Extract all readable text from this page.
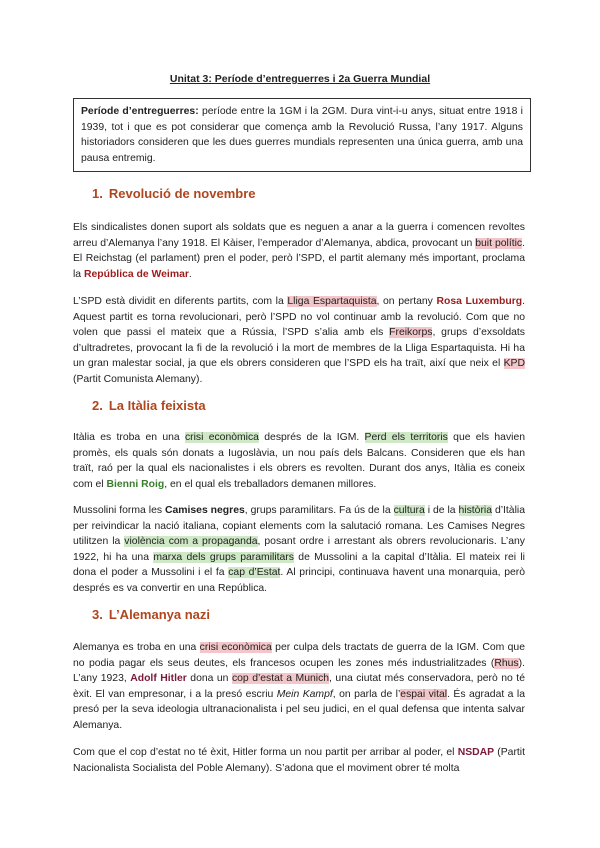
Unitat 3: Període d’entreguerres i 2a Guerra Mundial
Període d’entreguerres: període entre la 1GM i la 2GM. Dura vint-i-u anys, situat entre 1918 i 1939, tot i que es pot considerar que comença amb la Revolució Russa, l’any 1917. Alguns historiadors consideren que les dues guerres mundials representen una única guerra, amb una pausa entremig.
1. Revolució de novembre

Els sindicalistes donen suport als soldats que es neguen a anar a la guerra i comencen revoltes arreu d’Alemanya l’any 1918. El Kàiser, l’emperador d’Alemanya, abdica, provocant un buit polític. El Reichstag (el parlament) pren el poder, però l’SPD, el partit alemany més important, proclama la República de Weimar.

L’SPD està dividit en diferents partits, com la Lliga Espartaquista, on pertany Rosa Luxemburg. Aquest partit es torna revolucionari, però l’SPD no vol continuar amb la revolució. Com que no volen que passi el mateix que a Rússia, l’SPD s’alia amb els Freikorps, grups d’exsoldats d’ultradretes, provocant la fi de la revolució i la mort de membres de la Lliga Espartaquista. Hi ha un gran malestar social, ja que els obrers consideren que l’SPD els ha traït, així que neix el KPD (Partit Comunista Alemany).

2. La Itàlia feixista

Itàlia es troba en una crisi econòmica després de la IGM. Perd els territoris que els havien promès, els quals són donats a Iugoslàvia, un nou país dels Balcans. Consideren que els han traït, raó per la qual els nacionalistes i els obrers es revolten. Durant dos anys, Itàlia es coneix com el Bienni Roig, en el qual els treballadors demanen millores.

Mussolini forma les Camises negres, grups paramilitars. Fa ús de la cultura i de la història d’Itàlia per reivindicar la nació italiana, copiant elements com la salutació romana. Les Camises Negres utilitzen la violència com a propaganda, posant ordre i arrestant als obrers revolucionaris. L’any 1922, hi ha una marxa dels grups paramilitars de Mussolini a la capital d’Itàlia. El mateix rei li dona el poder a Mussolini i el fa cap d’Estat. Al principi, continuava havent una monarquia, però després es va convertir en una República.

3. L’Alemanya nazi

Alemanya es troba en una crisi econòmica per culpa dels tractats de guerra de la IGM. Com que no podia pagar els seus deutes, els francesos ocupen les zones més industrialitzades (Rhus). L’any 1923, Adolf Hitler dona un cop d’estat a Munich, una ciutat més conservadora, però no té èxit. El van empresonar, i a la presó escriu Mein Kampf, on parla de l’espai vital. És agradat a la presó per la seva ideologia ultranacionalista i pel seu judici, en el qual defensa que intenta salvar Alemanya.

Com que el cop d’estat no té èxit, Hitler forma un nou partit per arribar al poder, el NSDAP (Partit Nacionalista Socialista del Poble Alemany). S’adona que el moviment obrer té molta
